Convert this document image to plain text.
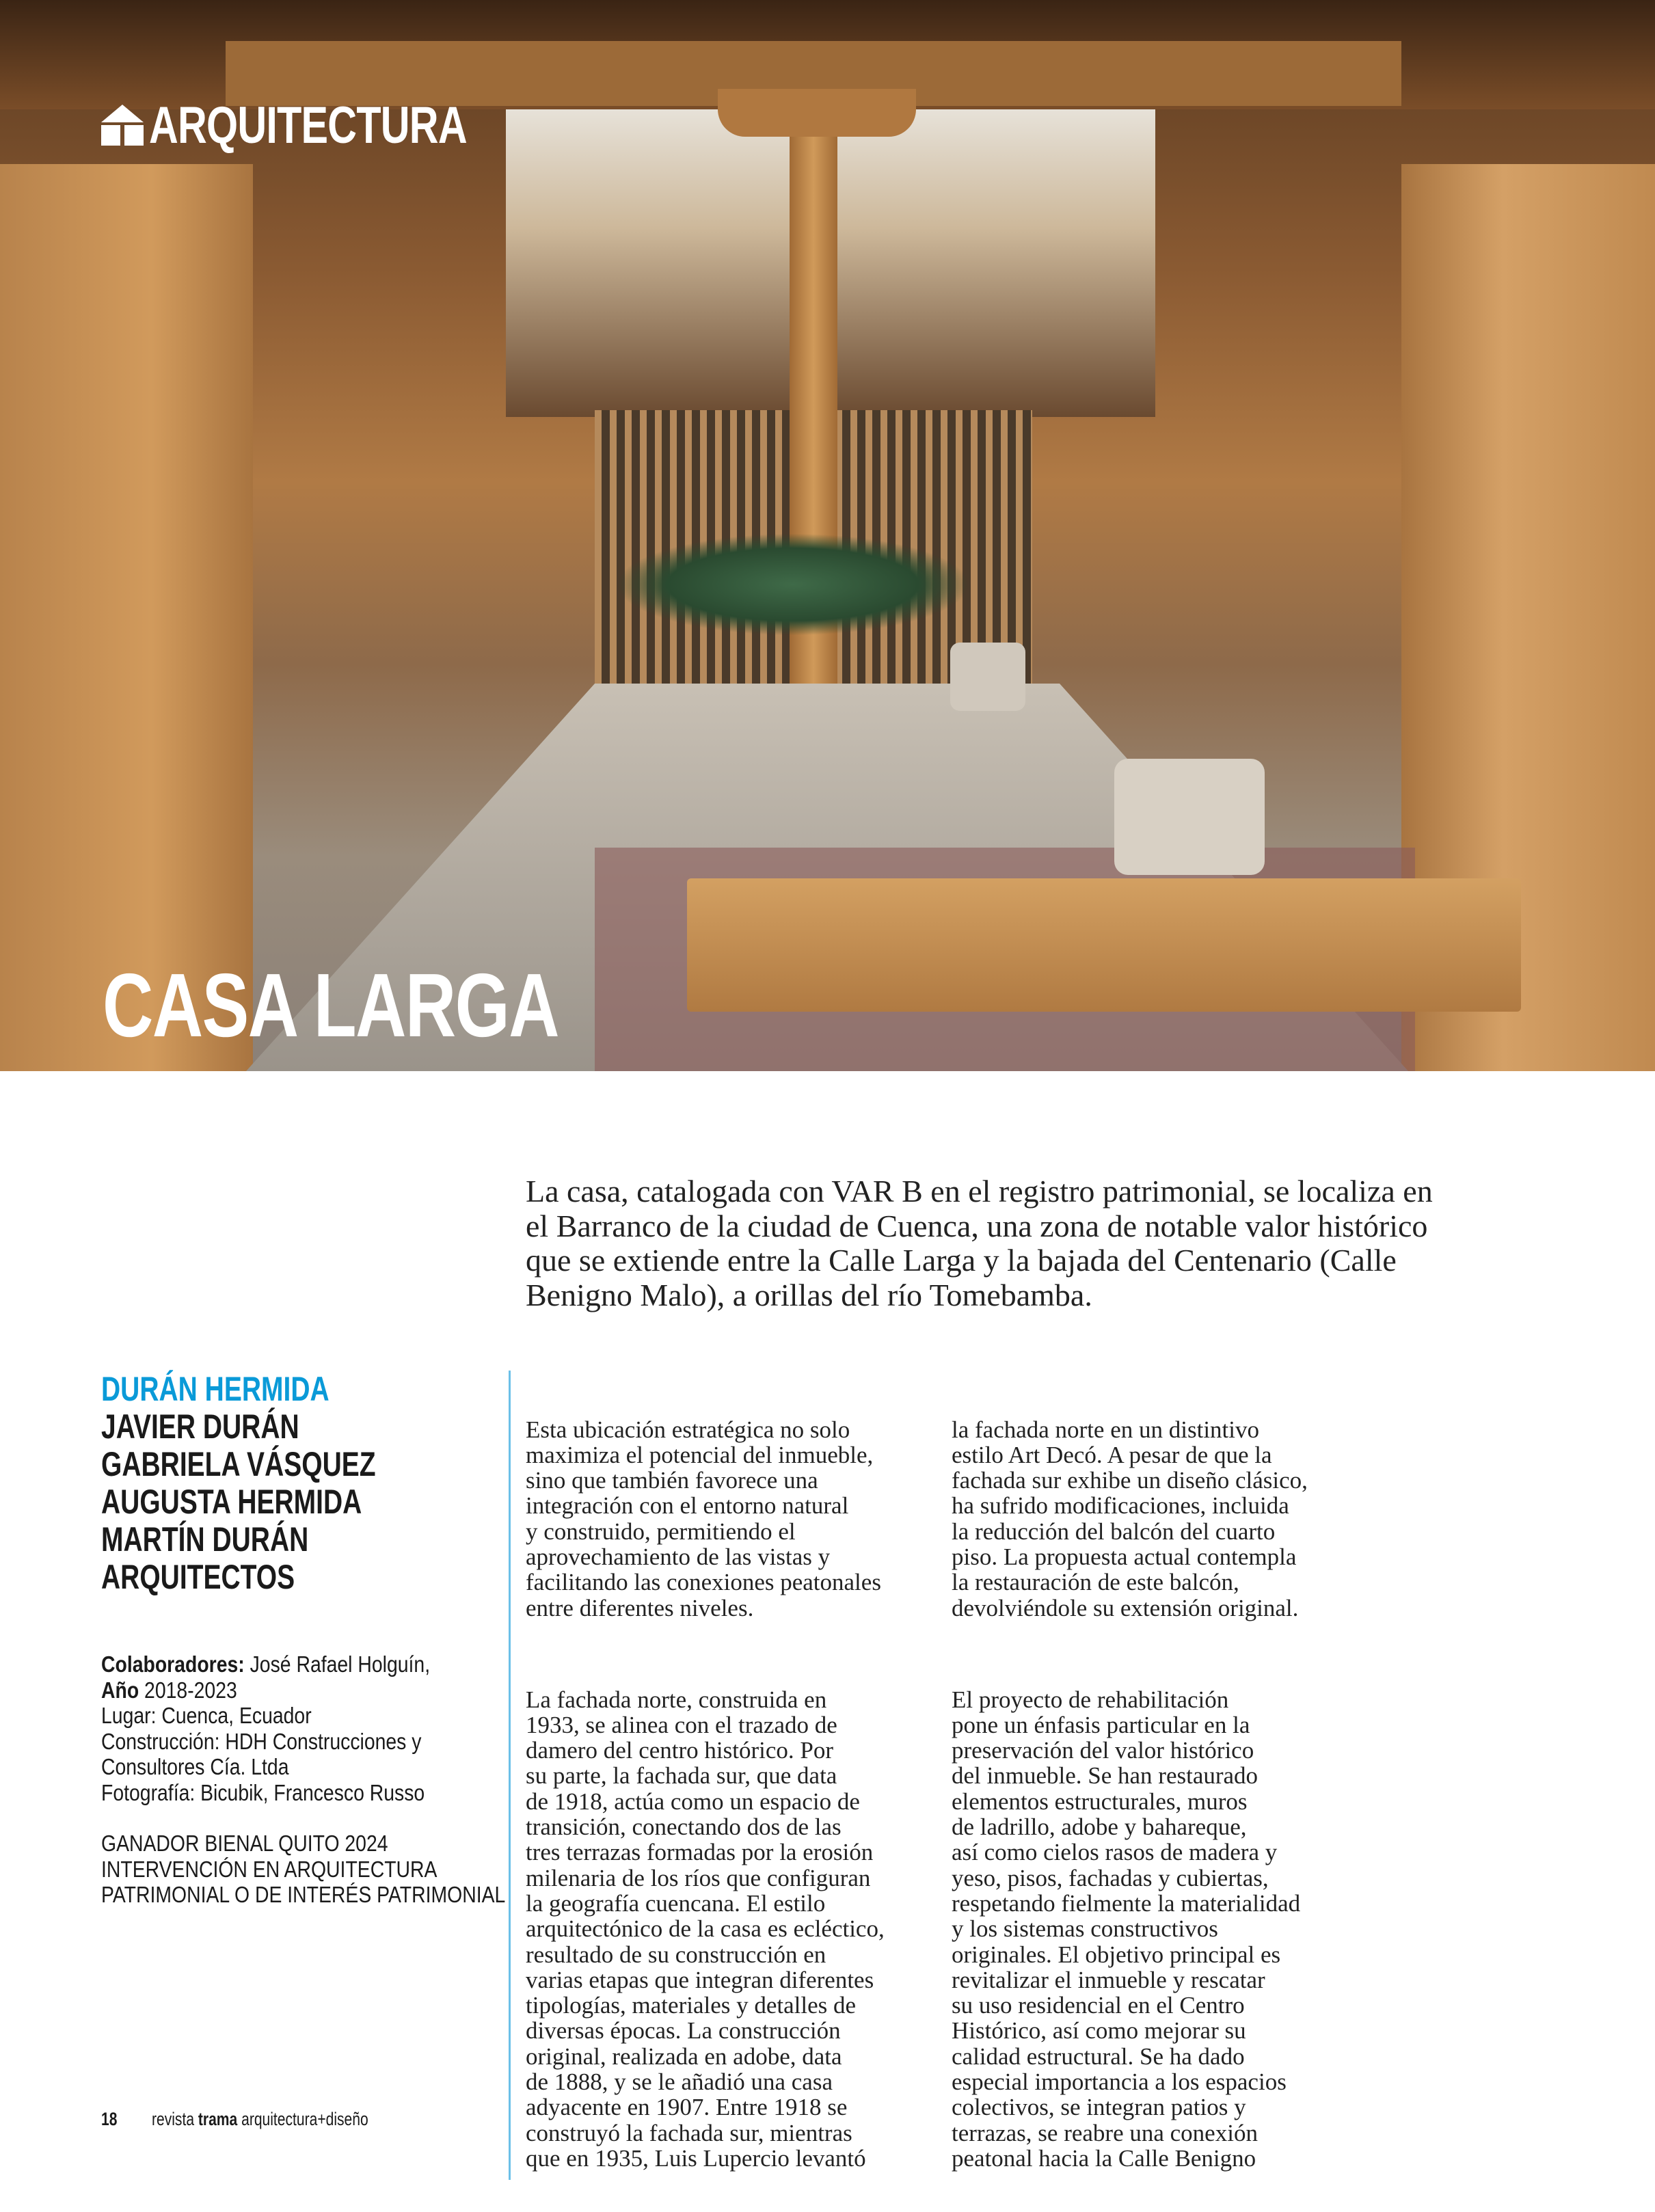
ARQUITECTURA
CASA LARGA
La casa, catalogada con VAR B en el registro patrimonial, se localiza en
el Barranco de la ciudad de Cuenca, una zona de notable valor histórico
que se extiende entre la Calle Larga y la bajada del Centenario (Calle
Benigno Malo), a orillas del río Tomebamba.
DURÁN HERMIDA
JAVIER DURÁN
GABRIELA VÁSQUEZ
AUGUSTA HERMIDA
MARTÍN DURÁN
ARQUITECTOS
Colaboradores: José Rafael Holguín,
Año 2018-2023
Lugar: Cuenca, Ecuador
Construcción: HDH Construcciones y
Consultores Cía. Ltda
Fotografía: Bicubik, Francesco Russo
GANADOR BIENAL QUITO 2024
INTERVENCIÓN EN ARQUITECTURA
PATRIMONIAL O DE INTERÉS PATRIMONIAL

Esta ubicación estratégica no solo
maximiza el potencial del inmueble,
sino que también favorece una
integración con el entorno natural
y construido, permitiendo el
aprovechamiento de las vistas y
facilitando las conexiones peatonales
entre diferentes niveles.

La fachada norte, construida en
1933, se alinea con el trazado de
damero del centro histórico. Por
su parte, la fachada sur, que data
de 1918, actúa como un espacio de
transición, conectando dos de las
tres terrazas formadas por la erosión
milenaria de los ríos que configuran
la geografía cuencana. El estilo
arquitectónico de la casa es ecléctico,
resultado de su construcción en
varias etapas que integran diferentes
tipologías, materiales y detalles de
diversas épocas. La construcción
original, realizada en adobe, data
de 1888, y se le añadió una casa
adyacente en 1907. Entre 1918 se
construyó la fachada sur, mientras
que en 1935, Luis Lupercio levantó

la fachada norte en un distintivo
estilo Art Decó. A pesar de que la
fachada sur exhibe un diseño clásico,
ha sufrido modificaciones, incluida
la reducción del balcón del cuarto
piso. La propuesta actual contempla
la restauración de este balcón,
devolviéndole su extensión original.

El proyecto de rehabilitación
pone un énfasis particular en la
preservación del valor histórico
del inmueble. Se han restaurado
elementos estructurales, muros
de ladrillo, adobe y bahareque,
así como cielos rasos de madera y
yeso, pisos, fachadas y cubiertas,
respetando fielmente la materialidad
y los sistemas constructivos
originales. El objetivo principal es
revitalizar el inmueble y rescatar
su uso residencial en el Centro
Histórico, así como mejorar su
calidad estructural. Se ha dado
especial importancia a los espacios
colectivos, se integran patios y
terrazas, se reabre una conexión
peatonal hacia la Calle Benigno

18 revista trama arquitectura+diseño
